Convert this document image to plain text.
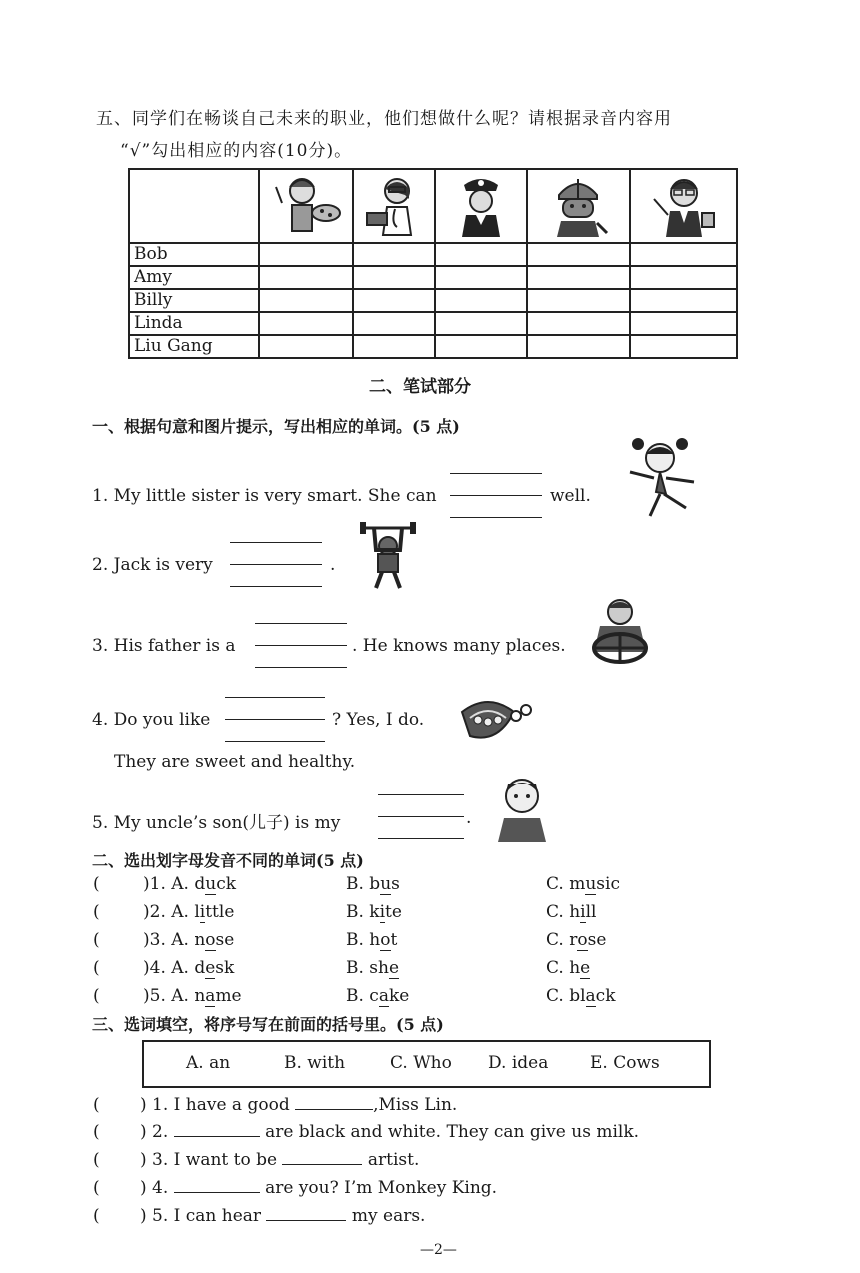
五、同学们在畅谈自己未来的职业，他们想做什么呢？请根据录音内容用
“√”勾出相应的内容(10分)。

Bob					
Amy					
Billy					
Linda					
Liu Gang					
二、笔试部分
一、根据句意和图片提示，写出相应的单词。(5 点)
1. My little sister is very smart. She can	well.
2. Jack is very	.
3. His father is a	. He knows many places.
4. Do you like	? Yes, I do.
They are sweet and healthy.
5. My uncle’s son(儿子) is my	.
二、选出划字母发音不同的单词(5 点)
(	)1. A. duck	B. bus	C. music
(	)2. A. little	B. kite	C. hill
(	)3. A. nose	B. hot	C. rose
(	)4. A. desk	B. she	C. he
(	)5. A. name	B. cake	C. black
三、选词填空，将序号写在前面的括号里。(5 点)
A. an	B. with	C. Who D. idea E. Cows
( ) 1. I have a good	,Miss Lin.
( ) 2.	are black and white. They can give us milk.
( ) 3. I want to be	artist.
( ) 4.	are you? I’m Monkey King.
( ) 5. I can hear	my ears.
—2—
